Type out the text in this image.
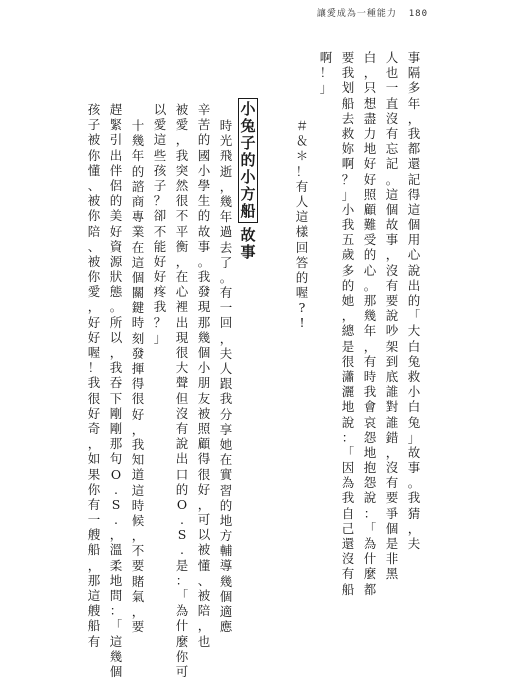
讓愛成為一種能力 180
事
隔
多
年
，
我
都
還
記
得
這
個
用
心
說
出
的
「
大
白
兔
救
小
白
兔
」
故
事
。
我
猜
，
夫
人
也
一
直
沒
有
忘
記
。
這
個
故
事
，
沒
有
要
說
吵
架
到
底
誰
對
誰
錯
，
沒
有
要
爭
個
是
非
黑
白
，
只
想
盡
力
地
好
好
照
顧
難
受
的
心
。
那
幾
年
，
有
時
我
會
哀
怨
地
抱
怨
說
：
「
為
什
麼
都
要
我
划
船
去
救
妳
啊
？
」
小
我
五
歲
多
的
她
，
總
是
很
瀟
灑
地
說
：
「
因
為
我
自
己
還
沒
有
船
啊
！
」
＃
＆
＊
！
有
人
這
樣
回
答
的
喔
?
!
小
兔
子
的
小
方
船
故
事
時
光
飛
逝
，
幾
年
過
去
了
。
有
一
回
，
夫
人
跟
我
分
享
她
在
實
習
的
地
方
輔
導
幾
個
適
應
辛
苦
的
國
小
學
生
的
故
事
。
我
發
現
那
幾
個
小
朋
友
被
照
顧
得
很
好
，
可
以
被
懂
、
被
陪
，
也
被
愛
，
我
突
然
很
不
平
衡
，
在
心
裡
出
現
很
大
聲
但
沒
有
說
出
口
的
O
.
S
.
是
：
「
為
什
麼
你
可
以
愛
這
些
孩
子
？
卻
不
能
好
好
疼
我
？
」
十
幾
年
的
諮
商
專
業
在
這
個
關
鍵
時
刻
發
揮
得
很
好
，
我
知
道
這
時
候
，
不
要
賭
氣
，
要
趕
緊
引
出
伴
侶
的
美
好
資
源
狀
態
。
所
以
，
我
吞
下
剛
剛
那
句
O
.
S
.
，
溫
柔
地
問
：
「
這
幾
個
孩
子
被
你
懂
、
被
你
陪
、
被
你
愛
，
好
好
喔
！
我
很
好
奇
，
如
果
你
有
一
艘
船
，
那
這
艘
船
有
